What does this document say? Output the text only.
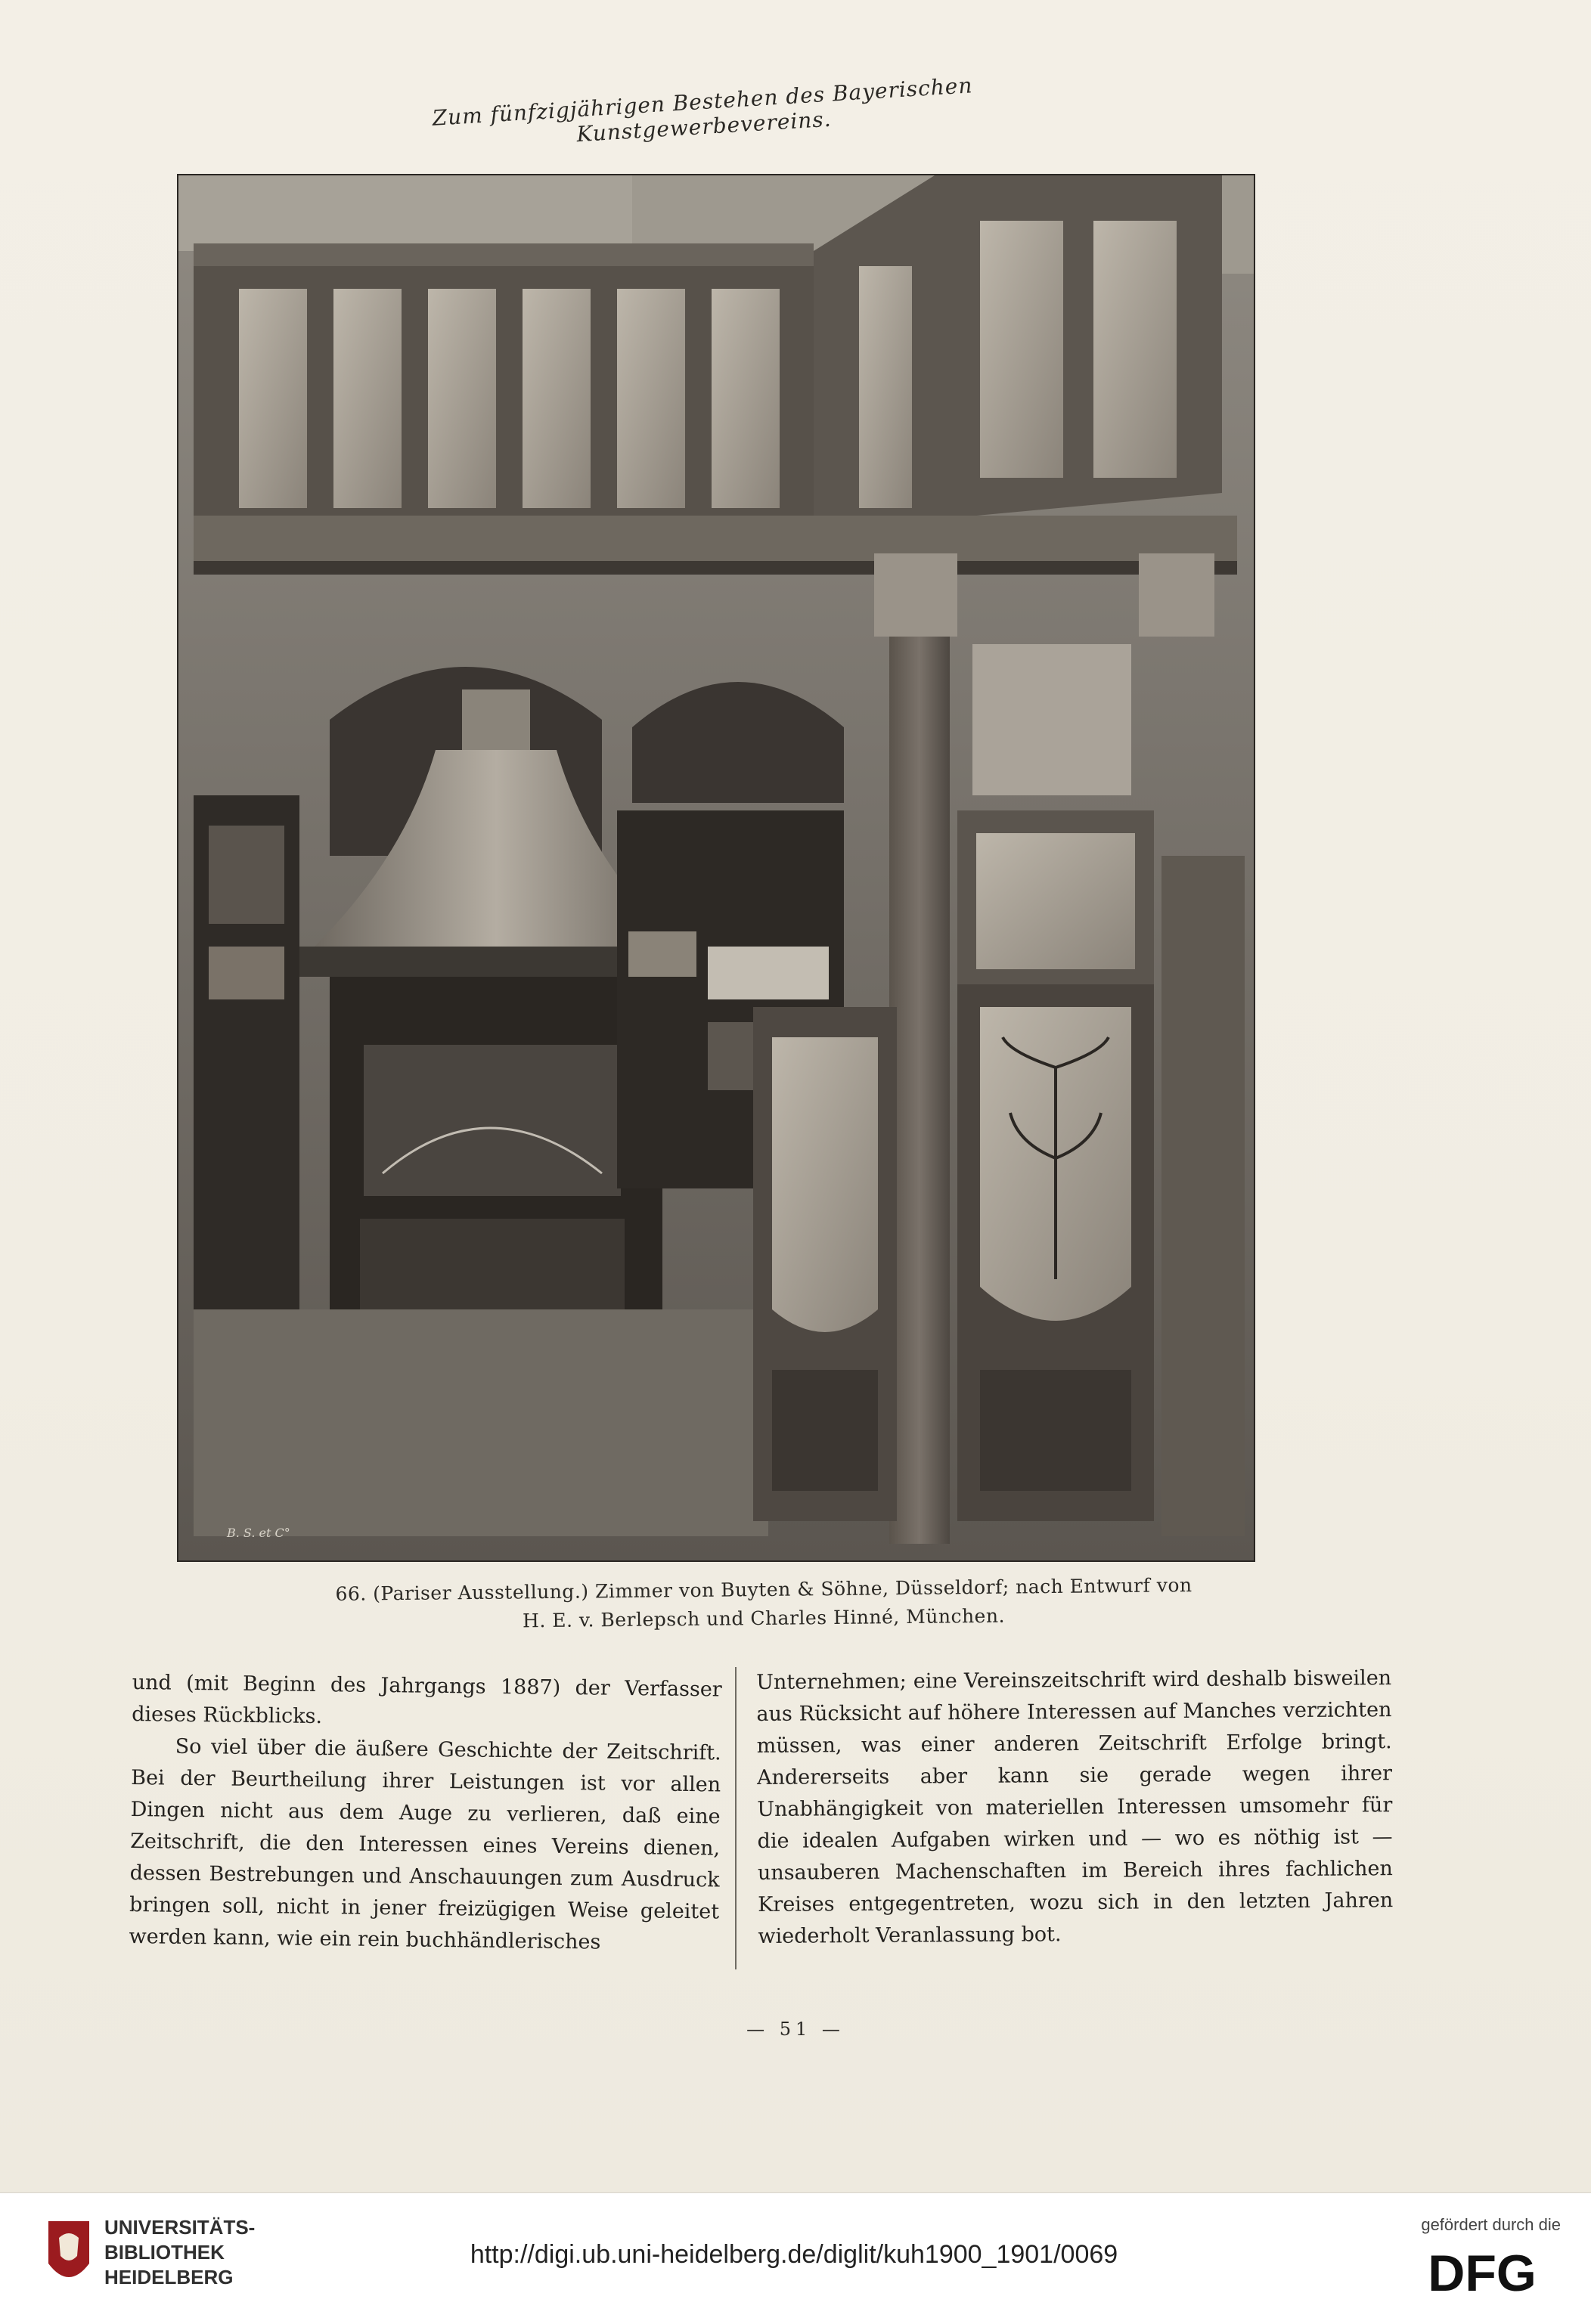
Zum fünfzigjährigen Bestehen des Bayerischen Kunstgewerbevereins.
B. S. et C°
66. (Pariser Ausstellung.) Zimmer von Buyten & Söhne, Düsseldorf; nach Entwurf von
H. E. v. Berlepsch und Charles Hinné, München.

und (mit Beginn des Jahrgangs 1887) der Verfasser dieses Rückblicks.

So viel über die äußere Geschichte der Zeitschrift. Bei der Beurtheilung ihrer Leistungen ist vor allen Dingen nicht aus dem Auge zu verlieren, daß eine Zeitschrift, die den Interessen eines Vereins dienen, dessen Bestrebungen und Anschauungen zum Ausdruck bringen soll, nicht in jener freizügigen Weise geleitet werden kann, wie ein rein buchhändlerisches

Unternehmen; eine Vereinszeitschrift wird deshalb bisweilen aus Rücksicht auf höhere Interessen auf Manches verzichten müssen, was einer anderen Zeitschrift Erfolge bringt. Andererseits aber kann sie gerade wegen ihrer Unabhängigkeit von materiellen Interessen umsomehr für die idealen Aufgaben wirken und — wo es nöthig ist — unsauberen Machenschaften im Bereich ihres fachlichen Kreises entgegentreten, wozu sich in den letzten Jahren wiederholt Veranlassung bot.

— 51 —
UNIVERSITÄTS-
BIBLIOTHEK
HEIDELBERG
http://digi.ub.uni-heidelberg.de/diglit/kuh1900_1901/0069
gefördert durch die
DFG
